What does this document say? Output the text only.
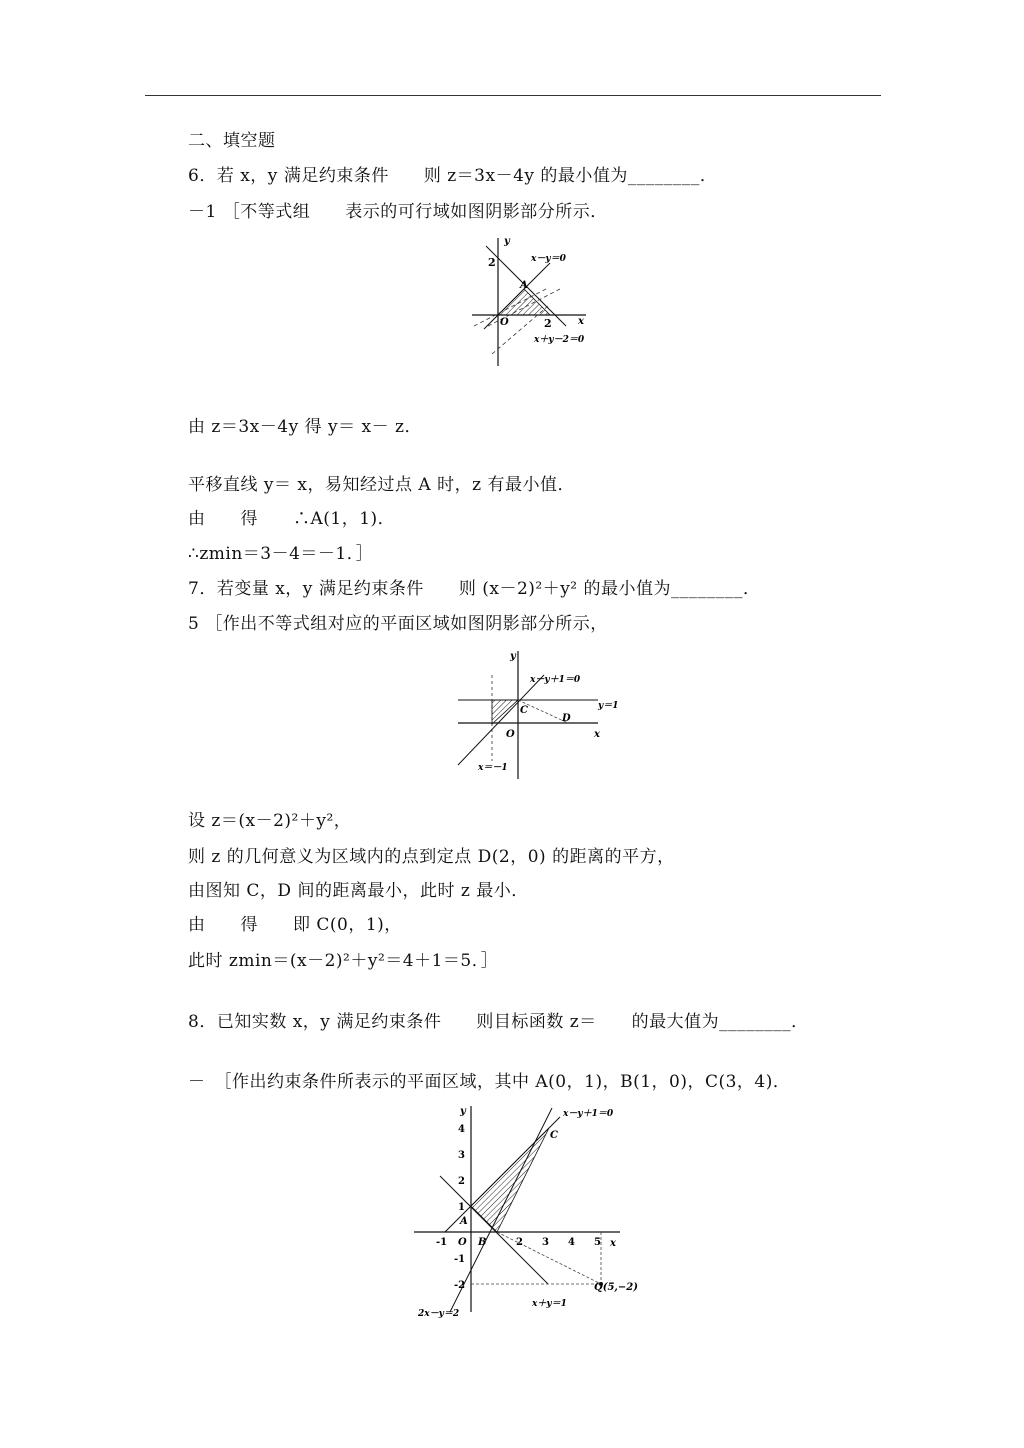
二、填空题
6．若 x，y 满足约束条件　　则 z＝3x－4y 的最小值为________．
－1 ［不等式组　　表示的可行域如图阴影部分所示．
y
x
2
2
O
A
x－y＝0
x＋y－2＝0
由 z＝3x－4y 得 y＝ x－ z．
平移直线 y＝ x，易知经过点 A 时，z 有最小值．
由　　得　　∴A(1，1)．
∴zmin＝3－4＝－1．］
7．若变量 x，y 满足约束条件　　则 (x－2)²＋y² 的最小值为________．
5 ［作出不等式组对应的平面区域如图阴影部分所示，
y
x
O
C
D
x－y＋1＝0
y＝1
x＝－1
设 z＝(x－2)²＋y²，
则 z 的几何意义为区域内的点到定点 D(2，0) 的距离的平方，
由图知 C，D 间的距离最小，此时 z 最小．
由　　得　　即 C(0，1)，
此时 zmin＝(x－2)²＋y²＝4＋1＝5．］
8．已知实数 x，y 满足约束条件　　则目标函数 z＝　　的最大值为________．
－　［作出约束条件所表示的平面区域，其中 A(0，1)，B(1，0)，C(3，4)．
y
x
O
4
3
2
1
-1
-2
-1	2 3 4 5
A
B
C
Q(5,−2)
x－y＋1＝0
x＋y＝1
2x－y＝2
